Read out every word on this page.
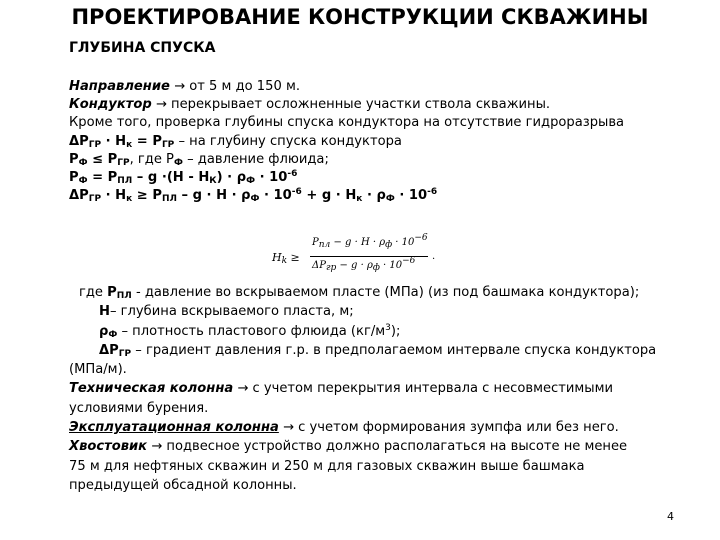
ПРОЕКТИРОВАНИЕ КОНСТРУКЦИИ СКВАЖИНЫ
ГЛУБИНА СПУСКА
Направление → от 5 м до 150 м.
Кондуктор → перекрывает осложненные участки ствола скважины.
Кроме того, проверка глубины спуска кондуктора на отсутствие гидроразрыва
$\Delta Р_{ГР} \cdot Н_к = Р_{ГР}$ – на глубину спуска кондуктора
$Р_Ф \le Р_{ГР}$, где $Р_Ф$ – давление флюида;
$Р_Ф = Р_{ПЛ} - g \cdot(Н - Н_К) \cdot \rho_Ф \cdot 10^{-6}$
$\Delta Р_{ГР} \cdot Н_к \ge Р_{ПЛ} - g \cdot Н \cdot \rho_Ф \cdot 10^{-6} + g \cdot Н_к \cdot \rho_Ф \cdot 10^{-6}$
$Н_k$ ≥
$P_{пл} - g \cdot H \cdot \rho_ф \cdot 10^{-6}$
$\Delta P_{гр} - g \cdot \rho_ф \cdot 10^{-6}$ .
где $Р_{ПЛ}$ - давление во вскрываемом пласте (МПа) (из под башмака кондуктора);
Н– глубина вскрываемого пласта, м;
$\rho_Ф$ – плотность пластового флюида $(кг/м^3)$;
$\Delta Р_{ГР}$ – градиент давления г.р. в предполагаемом интервале спуска кондуктора
(МПа/м).
Техническая колонна → с учетом перекрытия интервала с несовместимыми
условиями бурения.
Эксплуатационная колонна → с учетом формирования зумпфа или без него.
Хвостовик → подвесное устройство должно располагаться на высоте не менее
75 м для нефтяных скважин и 250 м для газовых скважин выше башмака
предыдущей обсадной колонны.
4
